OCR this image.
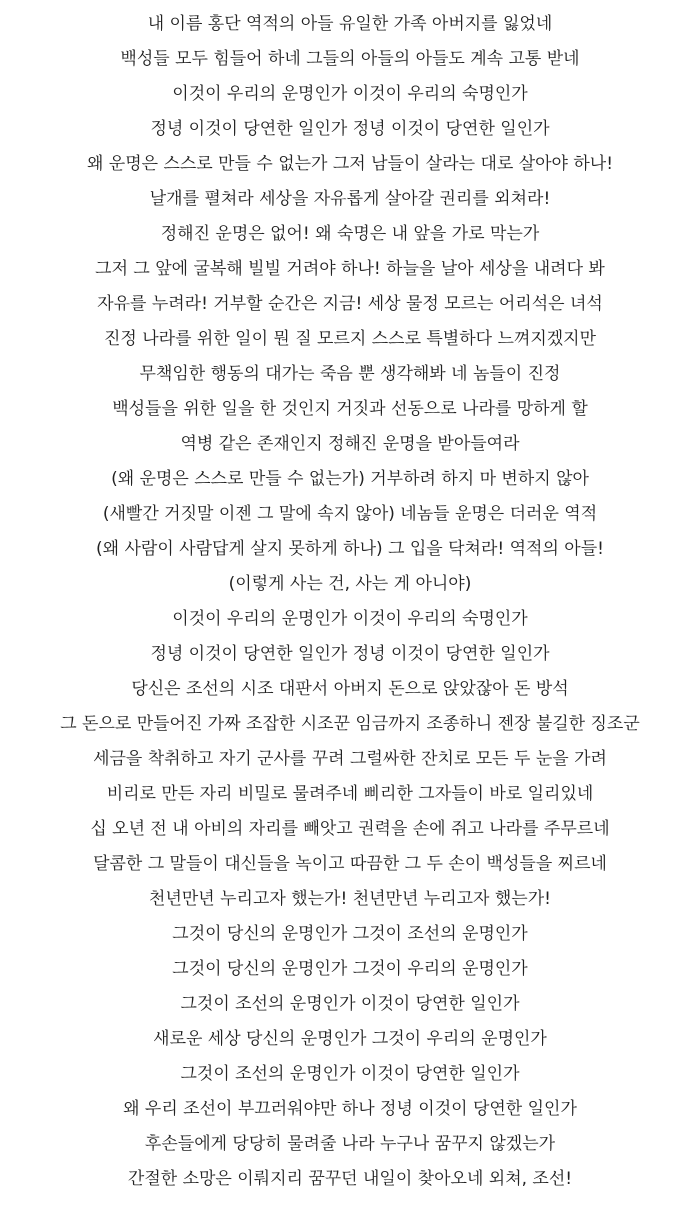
내 이름 홍단 역적의 아들 유일한 가족 아버지를 잃었네
백성들 모두 힘들어 하네 그들의 아들의 아들도 계속 고통 받네
이것이 우리의 운명인가 이것이 우리의 숙명인가
정녕 이것이 당연한 일인가 정녕 이것이 당연한 일인가
왜 운명은 스스로 만들 수 없는가 그저 남들이 살라는 대로 살아야 하나!
날개를 펼쳐라 세상을 자유롭게 살아갈 권리를 외쳐라!
정해진 운명은 없어! 왜 숙명은 내 앞을 가로 막는가
그저 그 앞에 굴복해 빌빌 거려야 하나! 하늘을 날아 세상을 내려다 봐
자유를 누려라! 거부할 순간은 지금! 세상 물정 모르는 어리석은 녀석
진정 나라를 위한 일이 뭔 질 모르지 스스로 특별하다 느껴지겠지만
무책임한 행동의 대가는 죽음 뿐 생각해봐 네 놈들이 진정
백성들을 위한 일을 한 것인지 거짓과 선동으로 나라를 망하게 할
역병 같은 존재인지 정해진 운명을 받아들여라
(왜 운명은 스스로 만들 수 없는가) 거부하려 하지 마 변하지 않아
(새빨간 거짓말 이젠 그 말에 속지 않아) 네놈들 운명은 더러운 역적
(왜 사람이 사람답게 살지 못하게 하나) 그 입을 닥쳐라! 역적의 아들!
(이렇게 사는 건, 사는 게 아니야)
이것이 우리의 운명인가 이것이 우리의 숙명인가
정녕 이것이 당연한 일인가 정녕 이것이 당연한 일인가
당신은 조선의 시조 대판서 아버지 돈으로 앉았잖아 돈 방석
그 돈으로 만들어진 가짜 조잡한 시조꾼 임금까지 조종하니 젠장 불길한 징조군
세금을 착취하고 자기 군사를 꾸려 그럴싸한 잔치로 모든 두 눈을 가려
비리로 만든 자리 비밀로 물려주네 삐리한 그자들이 바로 일리있네
십 오년 전 내 아비의 자리를 빼앗고 권력을 손에 쥐고 나라를 주무르네
달콤한 그 말들이 대신들을 녹이고 따끔한 그 두 손이 백성들을 찌르네
천년만년 누리고자 했는가! 천년만년 누리고자 했는가!
그것이 당신의 운명인가 그것이 조선의 운명인가
그것이 당신의 운명인가 그것이 우리의 운명인가
그것이 조선의 운명인가 이것이 당연한 일인가
새로운 세상 당신의 운명인가 그것이 우리의 운명인가
그것이 조선의 운명인가 이것이 당연한 일인가
왜 우리 조선이 부끄러워야만 하나 정녕 이것이 당연한 일인가
후손들에게 당당히 물려줄 나라 누구나 꿈꾸지 않겠는가
간절한 소망은 이뤄지리 꿈꾸던 내일이 찾아오네 외쳐, 조선!
